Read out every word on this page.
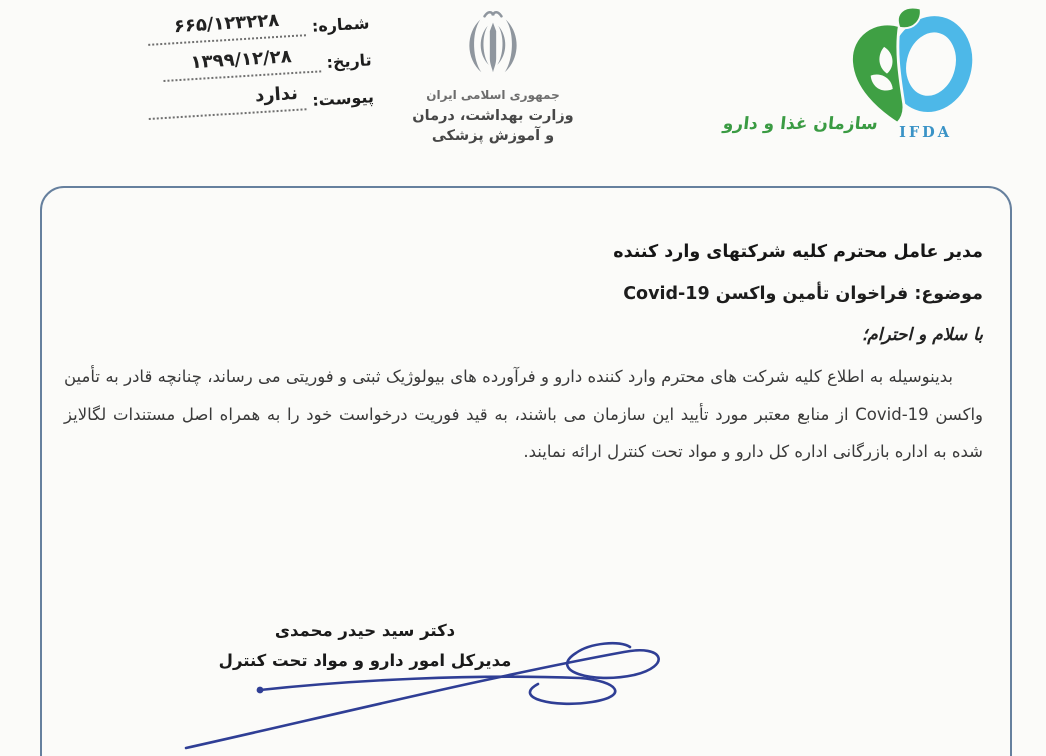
شماره:
۶۶۵/۱۲۳۲۲۸
تاریخ:
۱۳۹۹/۱۲/۲۸
پیوست:
ندارد	جمهوری اسلامی ایران
وزارت بهداشت، درمان
و آموزش پزشکی
سازمان غذا و دارو IFDA
مدیر عامل محترم کلیه شرکتهای وارد کننده
موضوع: فراخوان تأمین واکسن Covid-19
با سلام و احترام؛

بدینوسیله به اطلاع کلیه شرکت های محترم وارد کننده دارو و فرآورده های بیولوژیک ثبتی و فوریتی می رساند، چنانچه قادر به تأمین واکسن Covid-19 از منابع معتبر مورد تأیید این سازمان می باشند، به قید فوریت درخواست خود را به همراه اصل مستندات لگالایز شده به اداره بازرگانی اداره کل دارو و مواد تحت کنترل ارائه نمایند.

دکتر سید حیدر محمدی
مدیرکل امور دارو و مواد تحت کنترل
